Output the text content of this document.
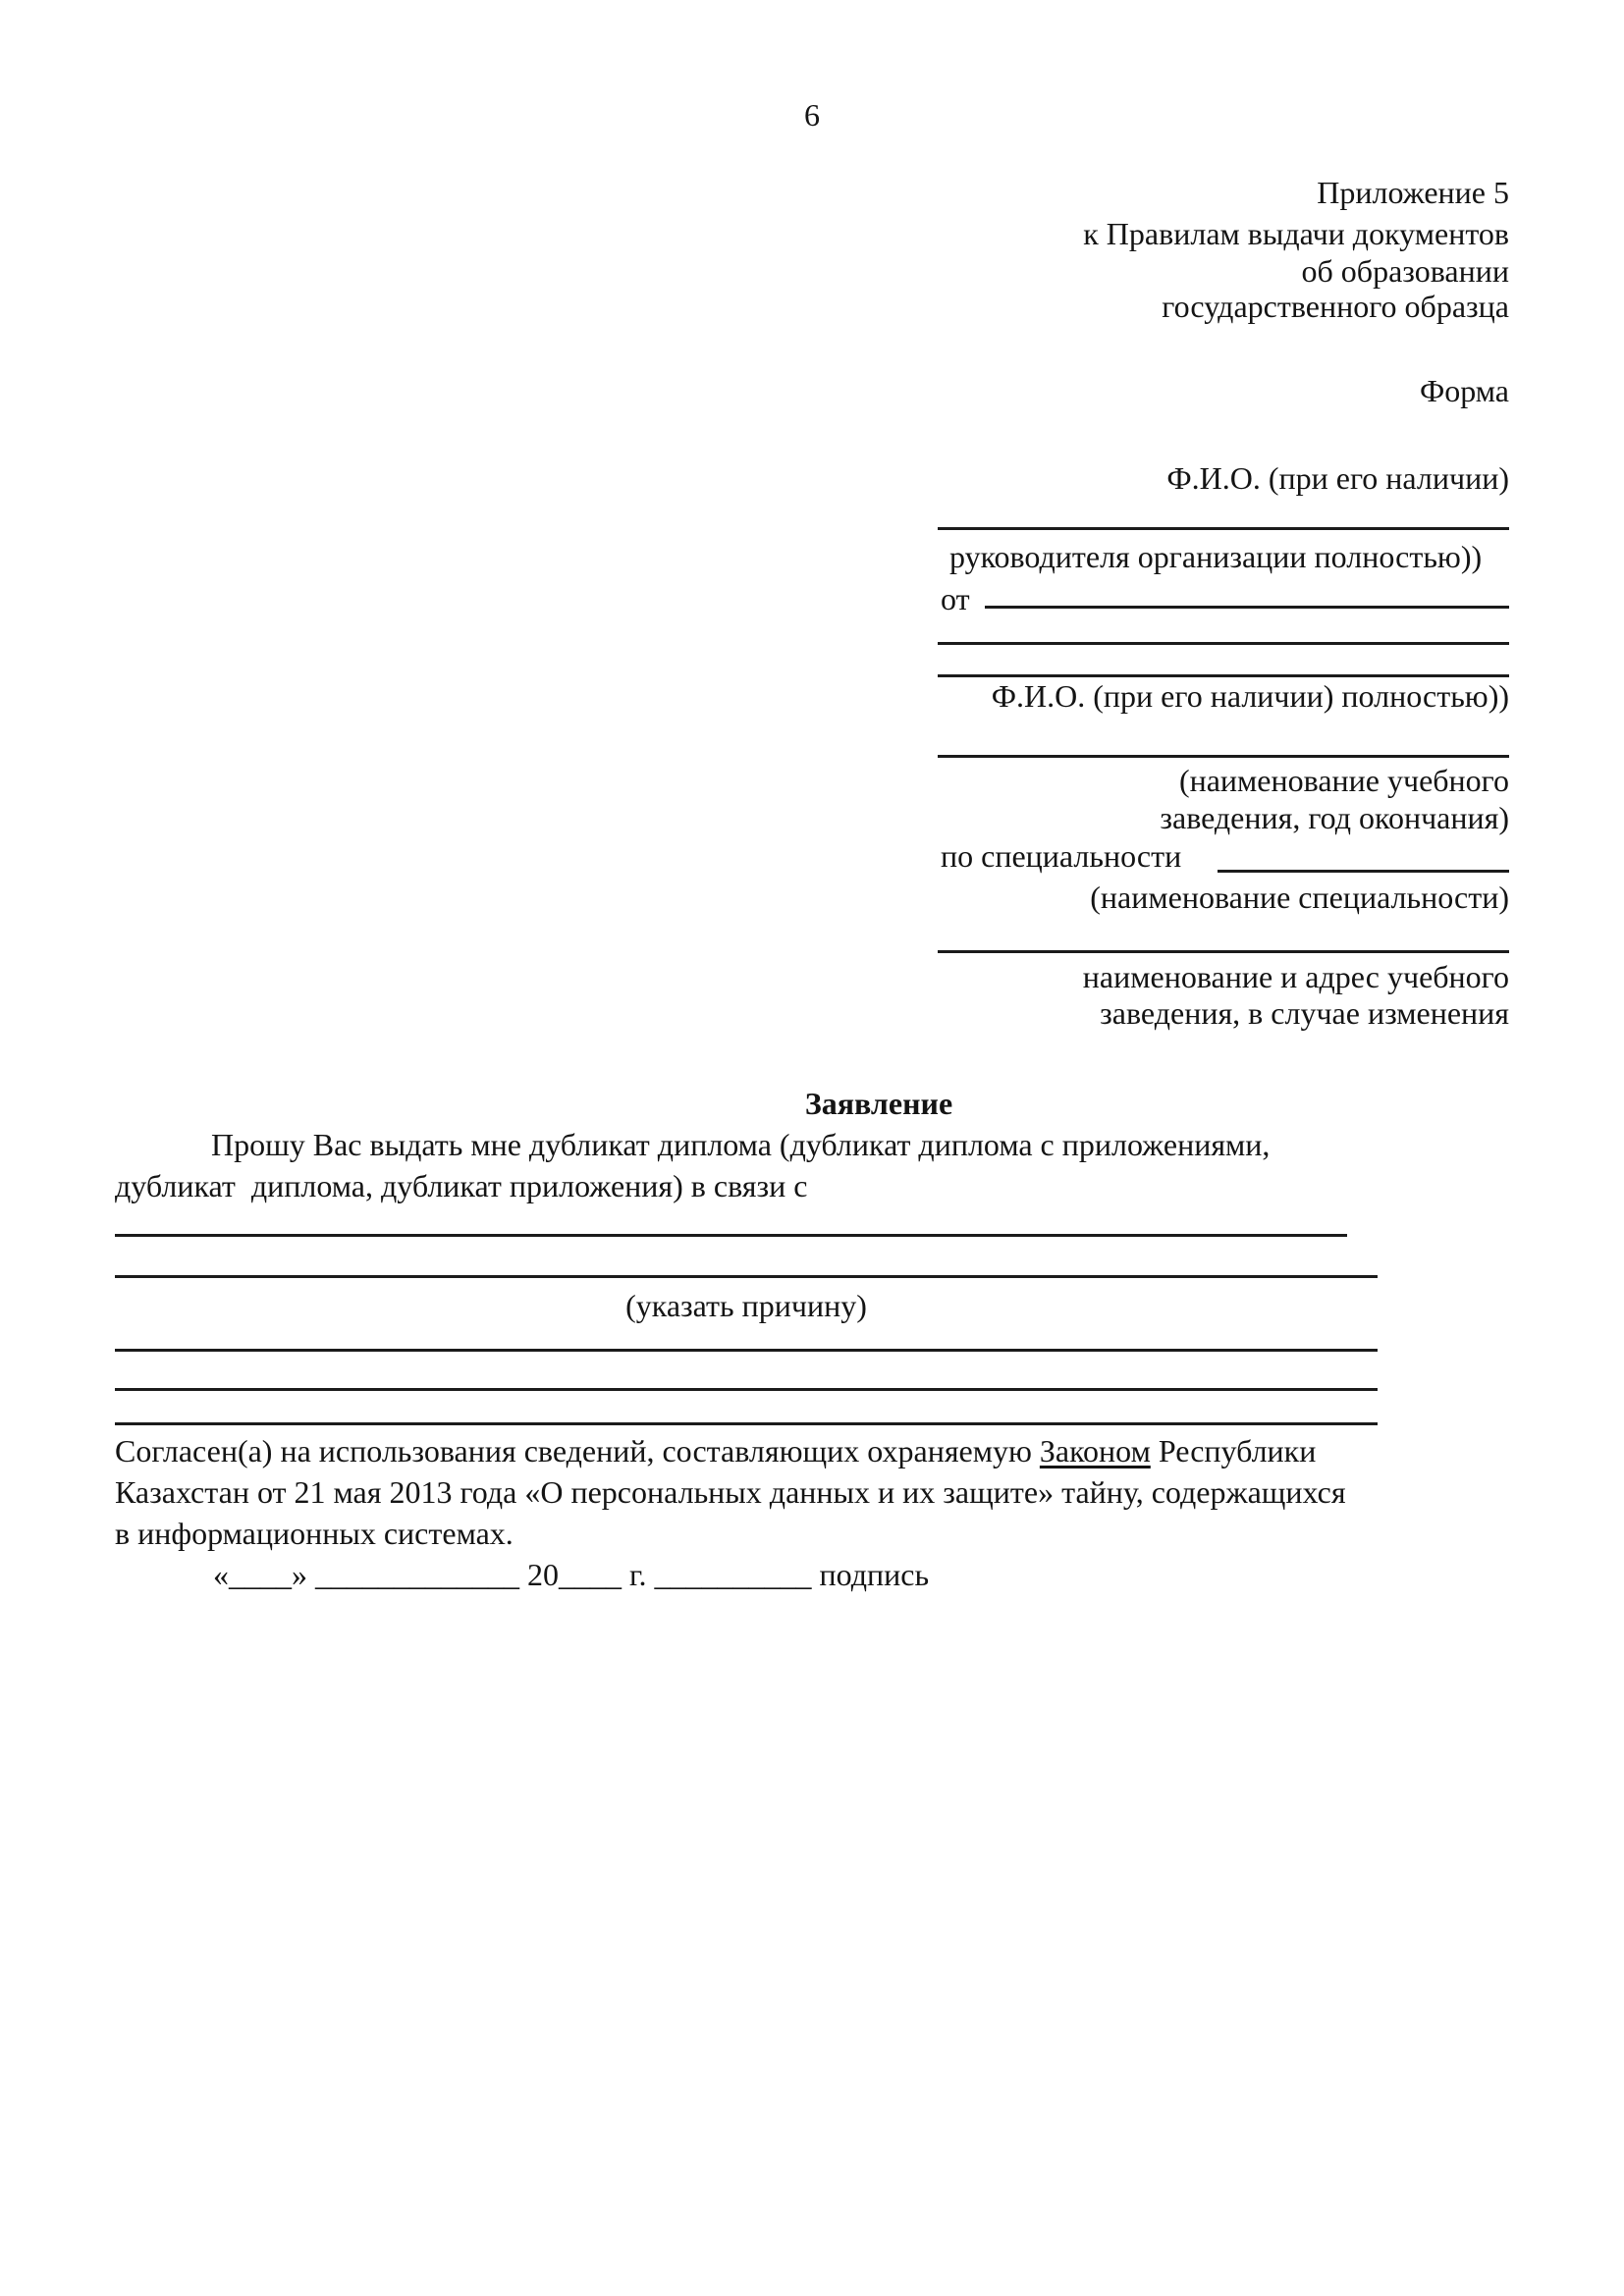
6
Приложение 5
к Правилам выдачи документов
об образовании
государственного образца
Форма
Ф.И.О. (при его наличии)
руководителя организации полностью))
от
Ф.И.О. (при его наличии) полностью))
(наименование учебного
заведения, год окончания)
по специальности
(наименование специальности)
наименование и адрес учебного
заведения, в случае изменения
Заявление
Прошу Вас выдать мне дубликат диплома (дубликат диплома с приложениями,
дубликат  диплома, дубликат приложения) в связи с
(указать причину)
Согласен(а) на использования сведений, составляющих охраняемую Законом Республики
Казахстан от 21 мая 2013 года «О персональных данных и их защите» тайну, содержащихся
в информационных системах.
«____» _____________ 20____ г. __________ подпись
